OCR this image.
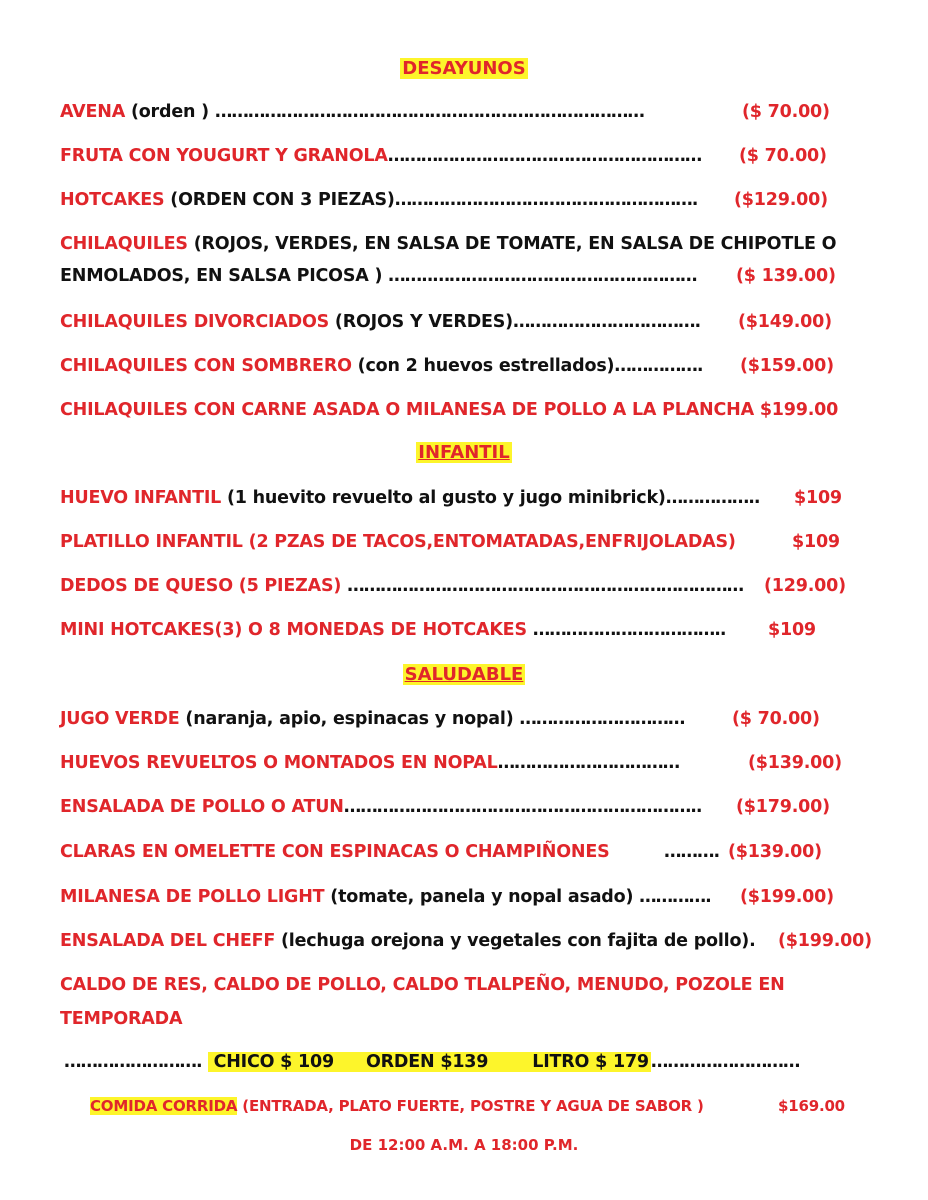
DESAYUNOS
AVENA (orden ) ……………………………………………………………………	($ 70.00)
FRUTA CON YOUGURT Y GRANOLA………………………………………………… ($ 70.00)
HOTCAKES (ORDEN CON 3 PIEZAS)………………………………………………. ($129.00)
CHILAQUILES (ROJOS, VERDES, EN SALSA DE TOMATE, EN SALSA DE CHIPOTLE O
ENMOLADOS, EN SALSA PICOSA ) ……..………………………………………… ($ 139.00)
CHILAQUILES DIVORCIADOS (ROJOS Y VERDES)……………………………. ($149.00)
CHILAQUILES CON SOMBRERO (con 2 huevos estrellados)……………. ($159.00)
CHILAQUILES CON CARNE ASADA O MILANESA DE POLLO A LA PLANCHA $199.00
INFANTIL
HUEVO INFANTIL (1 huevito revuelto al gusto y jugo minibrick)…………….. $109
PLATILLO INFANTIL (2 PZAS DE TACOS,ENTOMATADAS,ENFRIJOLADAS)	$109
DEDOS DE QUESO (5 PIEZAS) ……………………………………………………………… (129.00)
MINI HOTCAKES(3) O 8 MONEDAS DE HOTCAKES …………………………….. $109
SALUDABLE
JUGO VERDE (naranja, apio, espinacas y nopal) …………………………	($ 70.00)
HUEVOS REVUELTOS O MONTADOS EN NOPAL……………………………	($139.00)
ENSALADA DE POLLO O ATUN……………………………………………………….. ($179.00)
CLARAS EN OMELETTE CON ESPINACAS O CHAMPIÑONES	………. ($139.00)
MILANESA DE POLLO LIGHT (tomate, panela y nopal asado) …………. ($199.00)
ENSALADA DEL CHEFF (lechuga orejona y vegetales con fajita de pollo). ($199.00)
CALDO DE RES, CALDO DE POLLO, CALDO TLALPEÑO, MENUDO, POZOLE EN TEMPORADA
……………………. CHICO $ 109 ORDEN $139	LITRO $ 179 ………………………
COMIDA CORRIDA (ENTRADA, PLATO FUERTE, POSTRE Y AGUA DE SABOR )	$169.00
DE 12:00 A.M. A 18:00 P.M.
